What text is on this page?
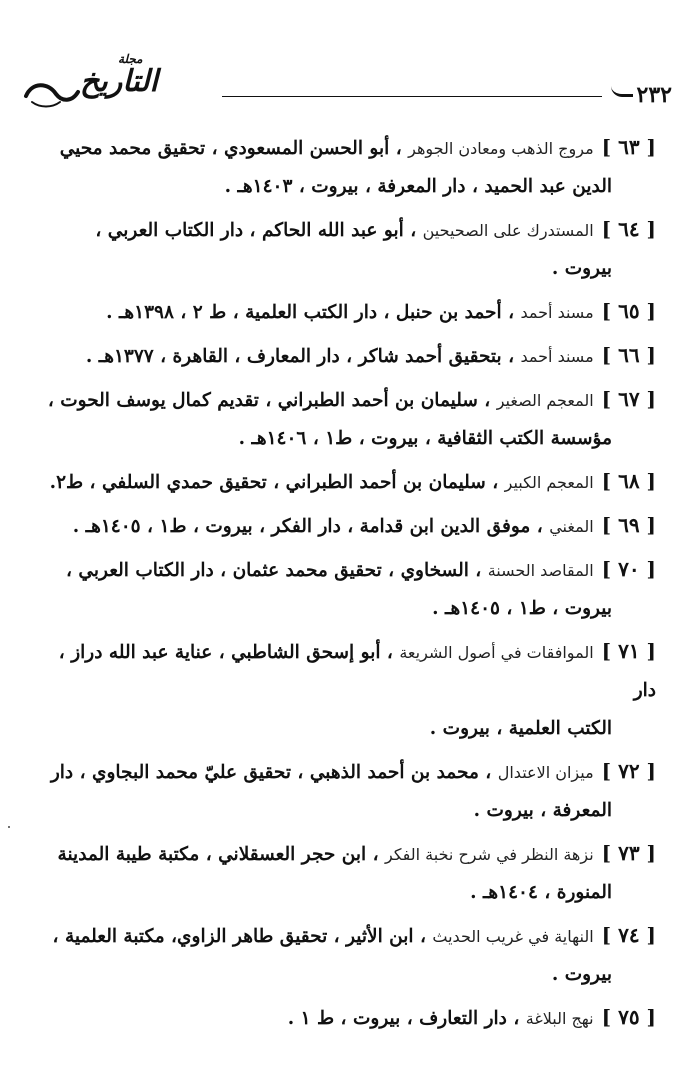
مجلة
التاريخ	٢٣٢
[ ٦٣ ]مروج الذهب ومعادن الجوهر ، أبو الحسن المسعودي ، تحقيق محمد محيي
الدين عبد الحميد ، دار المعرفة ، بيروت ، ١٤٠٣هـ .
[ ٦٤ ]المستدرك على الصحيحين ، أبو عبد الله الحاكم ، دار الكتاب العربي ،
بيروت .
[ ٦٥ ]مسند أحمد ، أحمد بن حنبل ، دار الكتب العلمية ، ط ٢ ، ١٣٩٨هـ .
[ ٦٦ ]مسند أحمد ، بتحقيق أحمد شاكر ، دار المعارف ، القاهرة ، ١٣٧٧هـ .
[ ٦٧ ]المعجم الصغير ، سليمان بن أحمد الطبراني ، تقديم كمال يوسف الحوت ،
مؤسسة الكتب الثقافية ، بيروت ، ط١ ، ١٤٠٦هـ .
[ ٦٨ ]المعجم الكبير ، سليمان بن أحمد الطبراني ، تحقيق حمدي السلفي ، ط٢.
[ ٦٩ ]المغني ، موفق الدين ابن قدامة ، دار الفكر ، بيروت ، ط١ ، ١٤٠٥هـ .
[ ٧٠ ]المقاصد الحسنة ، السخاوي ، تحقيق محمد عثمان ، دار الكتاب العربي ،
بيروت ، ط١ ، ١٤٠٥هـ .
[ ٧١ ]الموافقات في أصول الشريعة ، أبو إسحق الشاطبي ، عناية عبد الله دراز ، دار
الكتب العلمية ، بيروت .
[ ٧٢ ]ميزان الاعتدال ، محمد بن أحمد الذهبي ، تحقيق عليّ محمد البجاوي ، دار
المعرفة ، بيروت .
[ ٧٣ ]نزهة النظر في شرح نخبة الفكر ، ابن حجر العسقلاني ، مكتبة طيبة المدينة
المنورة ، ١٤٠٤هـ .
[ ٧٤ ]النهاية في غريب الحديث ، ابن الأثير ، تحقيق طاهر الزاوي، مكتبة العلمية ،
بيروت .
[ ٧٥ ]نهج البلاغة ، دار التعارف ، بيروت ، ط ١ .
